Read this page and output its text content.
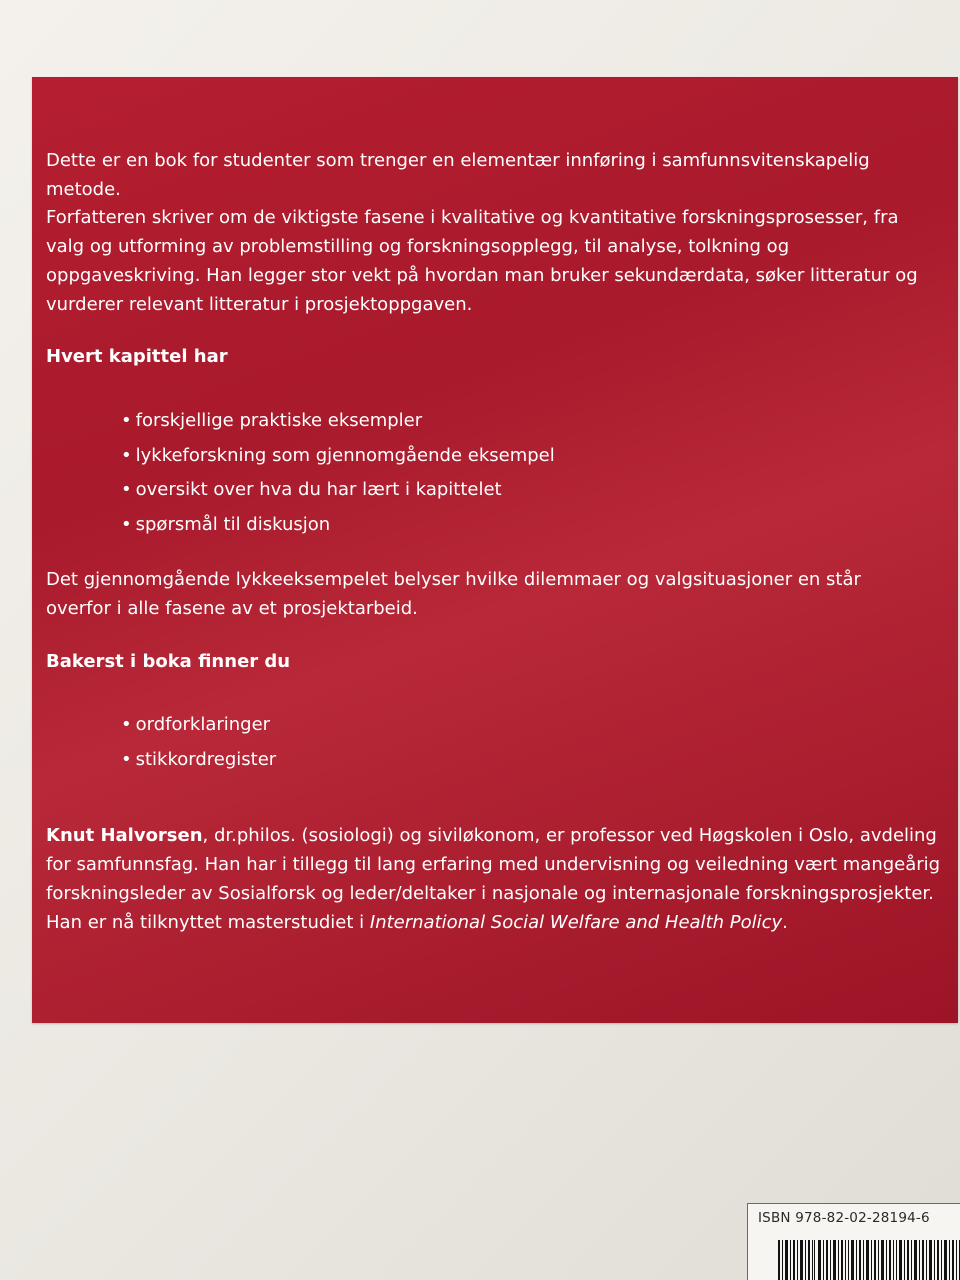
Dette er en bok for studenter som trenger en elementær innføring i samfunnsvitenskapelig metode.

Forfatteren skriver om de viktigste fasene i kvalitative og kvantitative forskningsprosesser, fra valg og utforming av problemstilling og forskningsopplegg, til analyse, tolkning og oppgaveskriving. Han legger stor vekt på hvordan man bruker sekundærdata, søker litteratur og vurderer relevant litteratur i prosjektoppgaven.

Hvert kapittel har
• forskjellige praktiske eksempler
• lykkeforskning som gjennomgående eksempel
• oversikt over hva du har lært i kapittelet
• spørsmål til diskusjon

Det gjennomgående lykkeeksempelet belyser hvilke dilemmaer og valgsituasjoner en står overfor i alle fasene av et prosjektarbeid.

Bakerst i boka finner du
• ordforklaringer
• stikkordregister

Knut Halvorsen, dr.philos. (sosiologi) og siviløkonom, er professor ved Høgskolen i Oslo, avdeling for samfunnsfag. Han har i tillegg til lang erfaring med undervisning og veiledning vært mangeårig forskningsleder av Sosialforsk og leder/deltaker i nasjonale og internasjonale forskningsprosjekter. Han er nå tilknyttet masterstudiet i International Social Welfare and Health Policy.

ISBN 978-82-02-28194-6
